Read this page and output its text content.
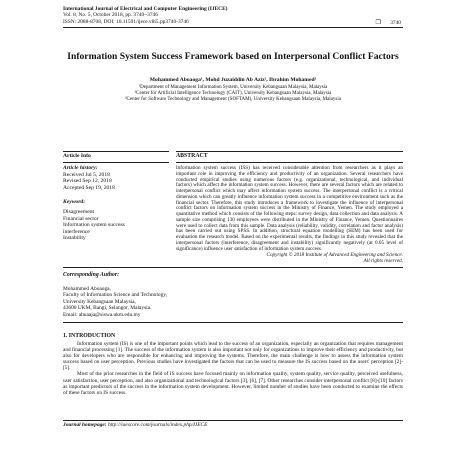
International Journal of Electrical and Computer Engineering (IJECE)
Vol. 8, No. 5, October 2018, pp. 3740~3746
ISSN: 2088-8708, DOI: 10.11591/ijece.v8i5.pp3740-3746	❒ 3740
Information System Success Framework based on Interpersonal Conflict Factors
Mohammed Aboaoga¹, Mohd Juzaiddin Ab Aziz², Ibrahim Mohamed³
¹Department of Management Information System, University Kebangsaan Malaysia, Malaysia
²Center for Artificial Intelligence Technology (CAIT), University Kebangsaan Malaysia, Malaysia
³Center for Software Technology and Management (SOFTAM), University Kebangsaan Malaysia, Malaysia
Article Info
Article history:
Received Jul 5, 2018
Revised Sep 12, 2018
Accepted Sep 19, 2018
Keyword:
Disagreement
Financial sector
Information system success
interference
Instability
ABSTRACT
Information system success (ISS) has received considerable attention from researchers as it plays an important role in improving the efficiency and productivity of an organization. Several researchers have conducted empirical studies using numerous factors (e.g. organizational, technological, and individual factors) which affect the information system success. However, there are several factors which are related to interpersonal conflict which may affect information system success. The interpersonal conflict is a critical dimension which can greatly influence information system success in a competitive environment such as the financial sector. Therefore, this study introduces a framework to investigate the influence of interpersonal conflict factors on information system success in the Ministry of Finance, Yemen. The study employed a quantitative method which consists of the following steps: survey design, data collection and data analysis. A sample size comprising 130 employees were distributed in the Ministry of Finance, Yemen. Questionnaires were used to collect data from this sample. Data analysis (reliability, validity, correlation and factor analysis) has been carried out using SPSS. In addition, structural equation modelling (SEM) has been used for evaluation the research model. Based on the experimental results, the findings in this study revealed that the interpersonal factors (interference, disagreement and instability) significantly negatively (at 0.05 level of significance) influence user satisfaction of information system success.
Copyright © 2018 Institute of Advanced Engineering and Science.
All rights reserved.
Corresponding Author:
Mohammed Aboaoga,
Faculty of Information Science and Technology,
University Kebangsaan Malaysia,
43600 UKM, Bangi, Selangor, Malaysia.
Email: abuaaja@siswa.ukm.edu.my
1. INTRODUCTION

Information system (IS) is one of the important points which lead to the success of an organization, especially an organization that requires management and financial processing [1]. The success of the information system is also important not only for organizations to improve their efficiency and productivity, but also for developers who are responsible for enhancing and improving the systems. Therefore, the main challenge is how to assess the information system success based on user perception. Previous studies have investigated the factors that can be used to measure the IS success based on the users' perception [2]-[5].

Most of the prior researches in the field of IS success have focused mainly on information quality, system quality, service quality, perceived usefulness, user satisfaction, user perception, and also organizational and technological factors [3], [6], [7]. Other researches consider interpersonal conflict [8]-[10] factors as important predictors of the success in the information system development. However, limited number of studies have been conducted to examine the effects of these factors on IS success.

Journal homepage: http://iaescore.com/journals/index.php/IJECE
